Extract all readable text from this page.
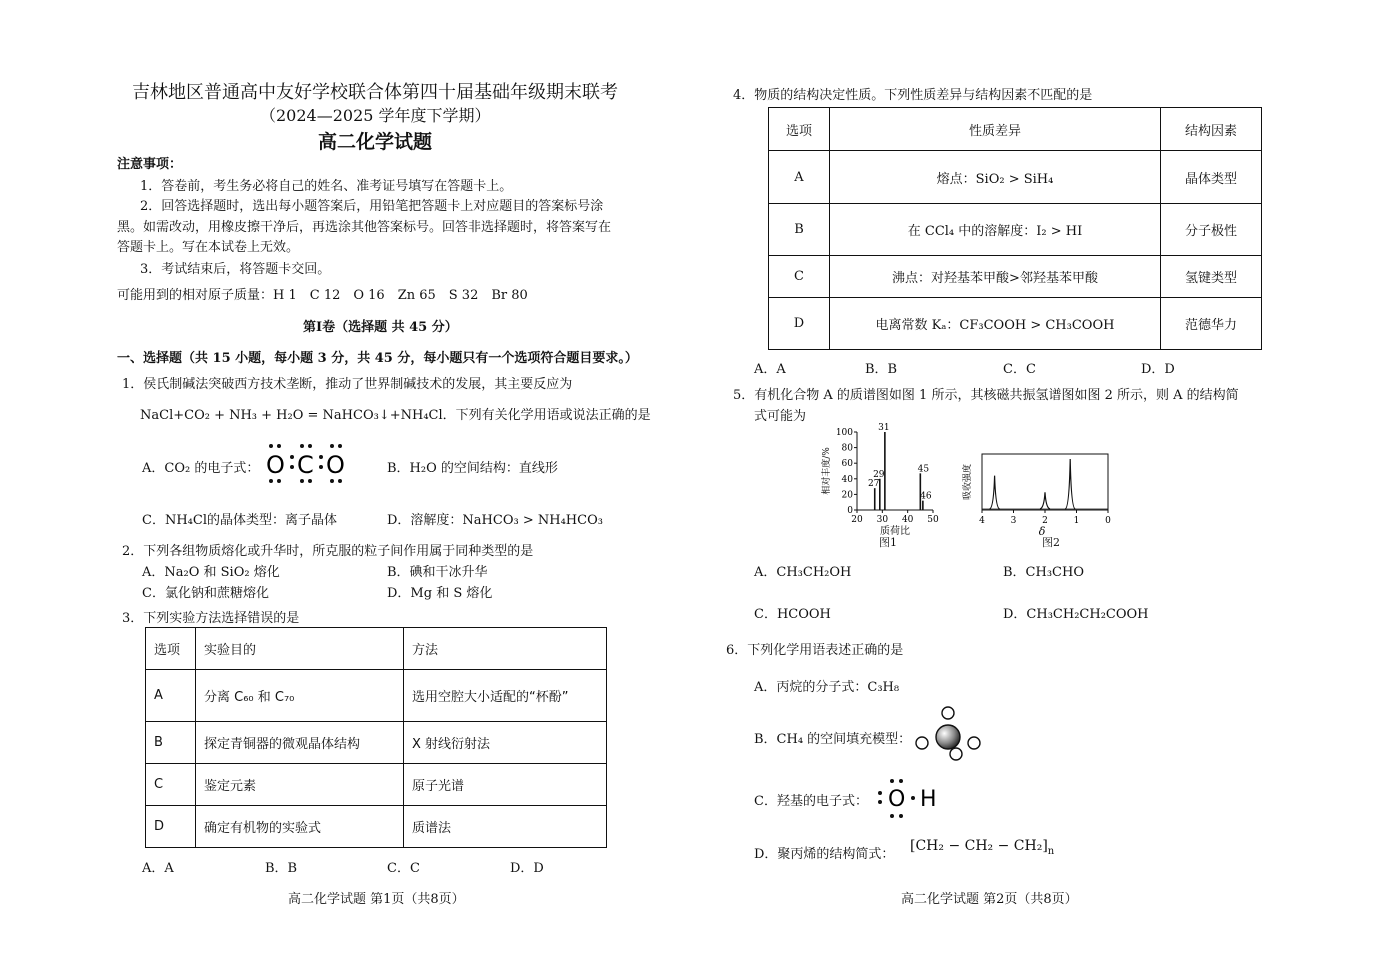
吉林地区普通高中友好学校联合体第四十届基础年级期末联考
（2024—2025 学年度下学期）
高二化学试题
注意事项：
1．答卷前，考生务必将自己的姓名、准考证号填写在答题卡上。
2．回答选择题时，选出每小题答案后，用铅笔把答题卡上对应题目的答案标号涂
黑。如需改动，用橡皮擦干净后，再选涂其他答案标号。回答非选择题时，将答案写在
答题卡上。写在本试卷上无效。
3．考试结束后，将答题卡交回。
可能用到的相对原子质量：H 1　C 12　O 16　Zn 65　S 32　Br 80
第Ⅰ卷（选择题 共 45 分）
一、选择题（共 15 小题，每小题 3 分，共 45 分，每小题只有一个选项符合题目要求。）
1．侯氏制碱法突破西方技术垄断，推动了世界制碱技术的发展，其主要反应为
NaCl+CO₂ + NH₃ + H₂O = NaHCO₃↓+NH₄Cl．下列有关化学用语或说法正确的是
A．CO₂ 的电子式： O C O	B．H₂O 的空间结构：直线形
C．NH₄Cl的晶体类型：离子晶体	D．溶解度：NaHCO₃ > NH₄HCO₃
2．下列各组物质熔化或升华时，所克服的粒子间作用属于同种类型的是
A．Na₂O 和 SiO₂ 熔化	B．碘和干冰升华
C．氯化钠和蔗糖熔化	D．Mg 和 S 熔化
3．下列实验方法选择错误的是
选项	实验目的	方法
A	分离 C₆₀ 和 C₇₀	选用空腔大小适配的“杯酚”
B	探定青铜器的微观晶体结构	X 射线衍射法
C	鉴定元素	原子光谱
D	确定有机物的实验式	质谱法
A．A	B．B	C．C	D．D
高二化学试题 第1页（共8页）
4．物质的结构决定性质。下列性质差异与结构因素不匹配的是
选项	性质差异	结构因素
A	熔点：SiO₂ > SiH₄	晶体类型
B	在 CCl₄ 中的溶解度：I₂ > HI	分子极性
C	沸点：对羟基苯甲酸>邻羟基苯甲酸	氢键类型
D	电离常数 Kₐ：CF₃COOH > CH₃COOH	范德华力
A．A	B．B	C．C	D．D
5．有机化合物 A 的质谱图如图 1 所示，其核磁共振氢谱图如图 2 所示，则 A 的结构简
式可能为
0
20
40
60
80
100
20 30 40 50
27
29
31
45
46
质荷比
相对丰度/%
图1
4	3	2	1	0
δ
吸收强度
图2
A．CH₃CH₂OH	B．CH₃CHO
C．HCOOH	D．CH₃CH₂CH₂COOH
6．下列化学用语表述正确的是
A．丙烷的分子式：C₃H₈
B．CH₄ 的空间填充模型：
C．羟基的电子式： O H
D．聚丙烯的结构简式：
$[CH_2 - CH_2 - CH_2]_n$
高二化学试题 第2页（共8页）
